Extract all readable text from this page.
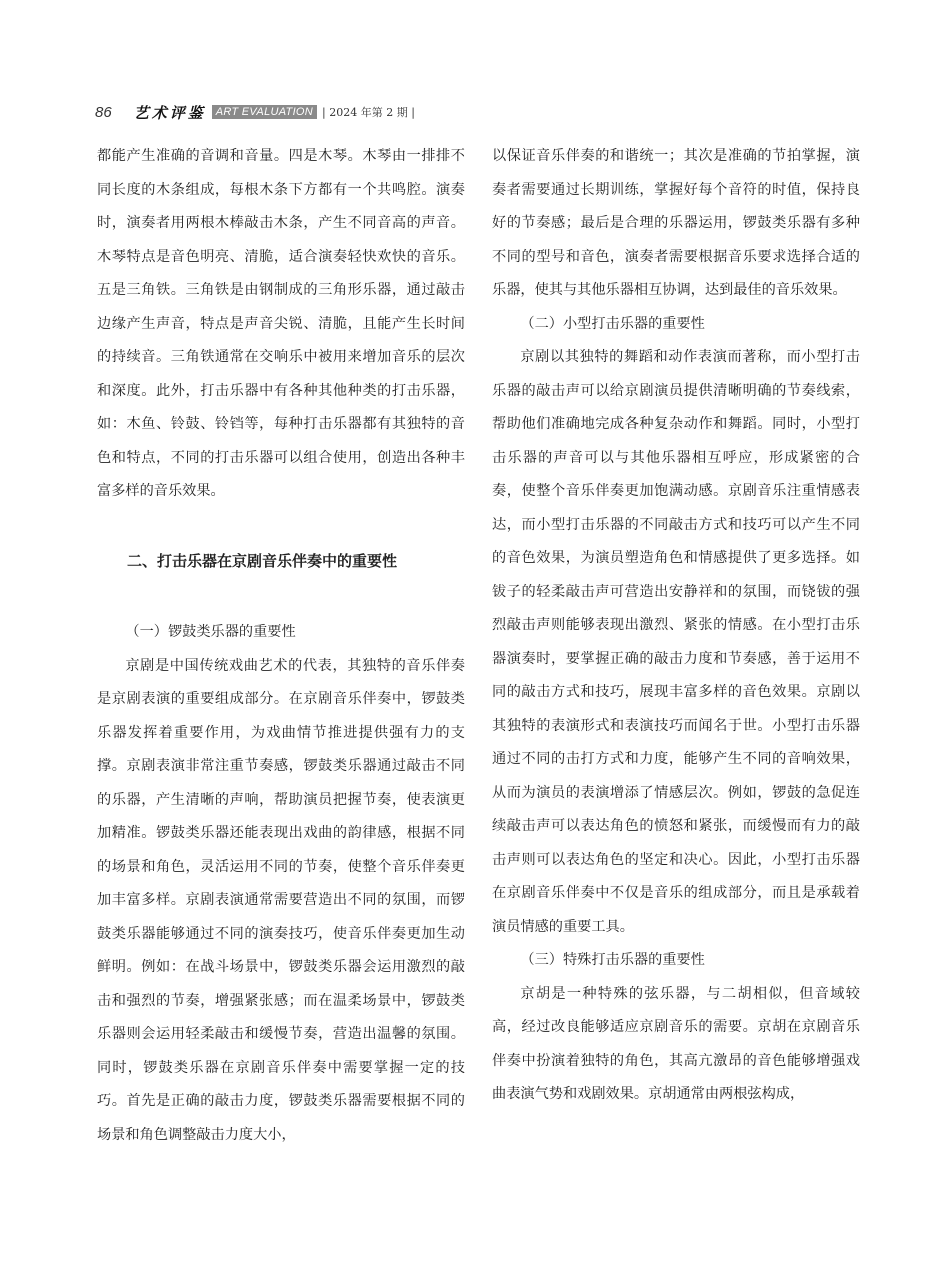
86 艺术评鉴 ART EVALUATION | 2024 年第 2 期 |

都能产生准确的音调和音量。四是木琴。木琴由一排排不同长度的木条组成，每根木条下方都有一个共鸣腔。演奏时，演奏者用两根木棒敲击木条，产生不同音高的声音。木琴特点是音色明亮、清脆，适合演奏轻快欢快的音乐。五是三角铁。三角铁是由钢制成的三角形乐器，通过敲击边缘产生声音，特点是声音尖锐、清脆，且能产生长时间的持续音。三角铁通常在交响乐中被用来增加音乐的层次和深度。此外，打击乐器中有各种其他种类的打击乐器，如：木鱼、铃鼓、铃铛等，每种打击乐器都有其独特的音色和特点，不同的打击乐器可以组合使用，创造出各种丰富多样的音乐效果。

二、打击乐器在京剧音乐伴奏中的重要性

（一）锣鼓类乐器的重要性

京剧是中国传统戏曲艺术的代表，其独特的音乐伴奏是京剧表演的重要组成部分。在京剧音乐伴奏中，锣鼓类乐器发挥着重要作用，为戏曲情节推进提供强有力的支撑。京剧表演非常注重节奏感，锣鼓类乐器通过敲击不同的乐器，产生清晰的声响，帮助演员把握节奏，使表演更加精准。锣鼓类乐器还能表现出戏曲的韵律感，根据不同的场景和角色，灵活运用不同的节奏，使整个音乐伴奏更加丰富多样。京剧表演通常需要营造出不同的氛围，而锣鼓类乐器能够通过不同的演奏技巧，使音乐伴奏更加生动鲜明。例如：在战斗场景中，锣鼓类乐器会运用激烈的敲击和强烈的节奏，增强紧张感；而在温柔场景中，锣鼓类乐器则会运用轻柔敲击和缓慢节奏，营造出温馨的氛围。同时，锣鼓类乐器在京剧音乐伴奏中需要掌握一定的技巧。首先是正确的敲击力度，锣鼓类乐器需要根据不同的场景和角色调整敲击力度大小，

以保证音乐伴奏的和谐统一；其次是准确的节拍掌握，演奏者需要通过长期训练，掌握好每个音符的时值，保持良好的节奏感；最后是合理的乐器运用，锣鼓类乐器有多种不同的型号和音色，演奏者需要根据音乐要求选择合适的乐器，使其与其他乐器相互协调，达到最佳的音乐效果。

（二）小型打击乐器的重要性

京剧以其独特的舞蹈和动作表演而著称，而小型打击乐器的敲击声可以给京剧演员提供清晰明确的节奏线索，帮助他们准确地完成各种复杂动作和舞蹈。同时，小型打击乐器的声音可以与其他乐器相互呼应，形成紧密的合奏，使整个音乐伴奏更加饱满动感。京剧音乐注重情感表达，而小型打击乐器的不同敲击方式和技巧可以产生不同的音色效果，为演员塑造角色和情感提供了更多选择。如钹子的轻柔敲击声可营造出安静祥和的氛围，而铙钹的强烈敲击声则能够表现出激烈、紧张的情感。在小型打击乐器演奏时，要掌握正确的敲击力度和节奏感，善于运用不同的敲击方式和技巧，展现丰富多样的音色效果。京剧以其独特的表演形式和表演技巧而闻名于世。小型打击乐器通过不同的击打方式和力度，能够产生不同的音响效果，从而为演员的表演增添了情感层次。例如，锣鼓的急促连续敲击声可以表达角色的愤怒和紧张，而缓慢而有力的敲击声则可以表达角色的坚定和决心。因此，小型打击乐器在京剧音乐伴奏中不仅是音乐的组成部分，而且是承载着演员情感的重要工具。

（三）特殊打击乐器的重要性

京胡是一种特殊的弦乐器，与二胡相似，但音域较高，经过改良能够适应京剧音乐的需要。京胡在京剧音乐伴奏中扮演着独特的角色，其高亢激昂的音色能够增强戏曲表演气势和戏剧效果。京胡通常由两根弦构成，
